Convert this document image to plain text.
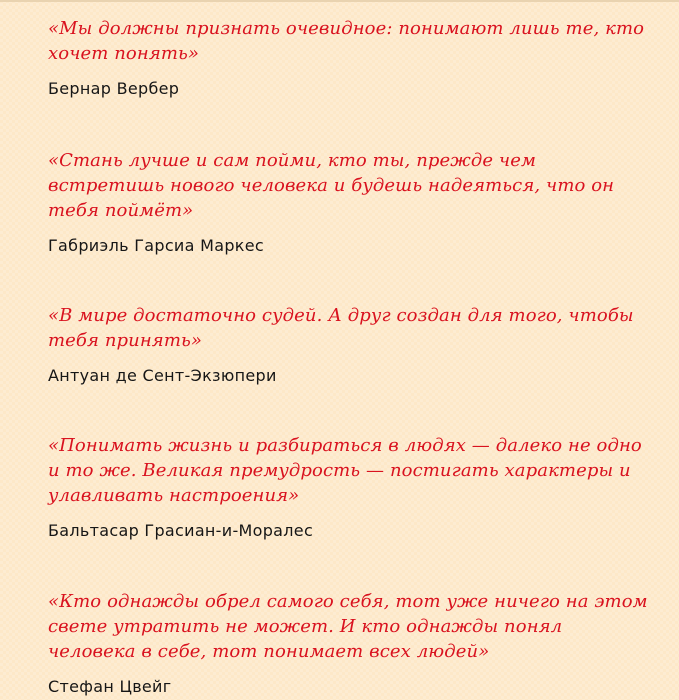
«Мы должны признать очевидное: понимают лишь те, кто хочет понять»

Бернар Вербер

«Стань лучше и сам пойми, кто ты, прежде чем встретишь нового человека и будешь надеяться, что он тебя поймёт»

Габриэль Гарсиа Маркес

«В мире достаточно судей. А друг создан для того, чтобы тебя принять»

Антуан де Сент-Экзюпери

«Понимать жизнь и разбираться в людях — далеко не одно и то же. Великая премудрость — постигать характеры и улавливать настроения»

Бальтасар Грасиан-и-Моралес

«Кто однажды обрел самого себя, тот уже ничего на этом свете утратить не может. И кто однажды понял человека в себе, тот понимает всех людей»

Стефан Цвейг
